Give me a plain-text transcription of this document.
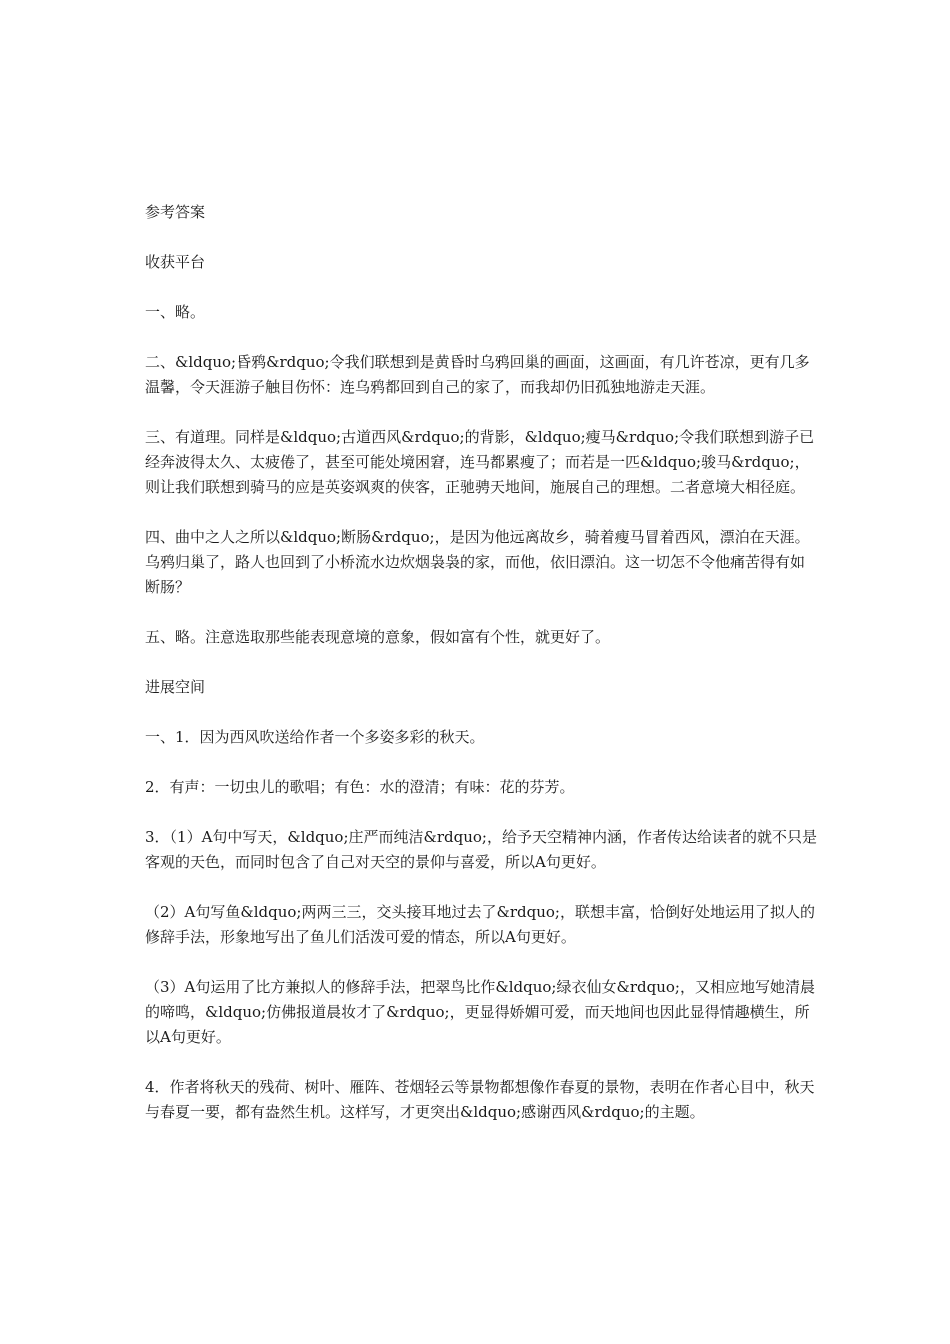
参考答案

收获平台

一、略。

二、&ldquo;昏鸦&rdquo;令我们联想到是黄昏时乌鸦回巢的画面，这画面，有几许苍凉，更有几多温馨，令天涯游子触目伤怀：连乌鸦都回到自己的家了，而我却仍旧孤独地游走天涯。

三、有道理。同样是&ldquo;古道西风&rdquo;的背影，&ldquo;瘦马&rdquo;令我们联想到游子已经奔波得太久、太疲倦了，甚至可能处境困窘，连马都累瘦了；而若是一匹&ldquo;骏马&rdquo;，则让我们联想到骑马的应是英姿飒爽的侠客，正驰骋天地间，施展自己的理想。二者意境大相径庭。

四、曲中之人之所以&ldquo;断肠&rdquo;，是因为他远离故乡，骑着瘦马冒着西风，漂泊在天涯。乌鸦归巢了，路人也回到了小桥流水边炊烟袅袅的家，而他，依旧漂泊。这一切怎不令他痛苦得有如断肠？

五、略。注意选取那些能表现意境的意象，假如富有个性，就更好了。

进展空间

一、1．因为西风吹送给作者一个多姿多彩的秋天。

2．有声：一切虫儿的歌唱；有色：水的澄清；有味：花的芬芳。

3．（1）A句中写天，&ldquo;庄严而纯洁&rdquo;，给予天空精神内涵，作者传达给读者的就不只是客观的天色，而同时包含了自己对天空的景仰与喜爱，所以A句更好。

（2）A句写鱼&ldquo;两两三三，交头接耳地过去了&rdquo;，联想丰富，恰倒好处地运用了拟人的修辞手法，形象地写出了鱼儿们活泼可爱的情态，所以A句更好。

（3）A句运用了比方兼拟人的修辞手法，把翠鸟比作&ldquo;绿衣仙女&rdquo;，又相应地写她清晨的啼鸣，&ldquo;仿佛报道晨妆才了&rdquo;，更显得娇媚可爱，而天地间也因此显得情趣横生，所以A句更好。

4．作者将秋天的残荷、树叶、雁阵、苍烟轻云等景物都想像作春夏的景物，表明在作者心目中，秋天与春夏一要，都有盎然生机。这样写，才更突出&ldquo;感谢西风&rdquo;的主题。
